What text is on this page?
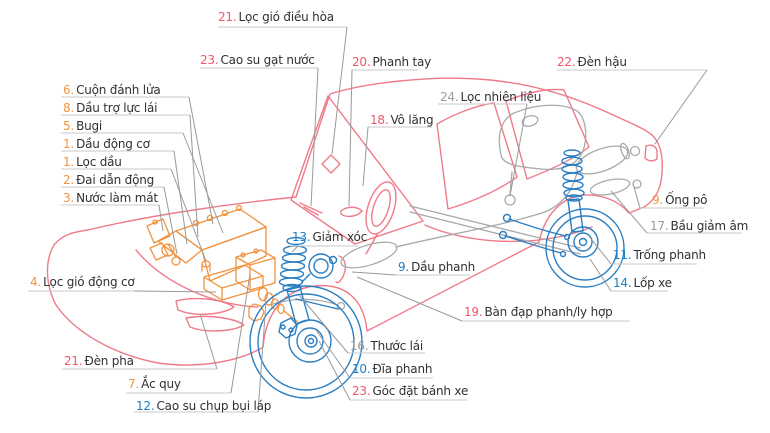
21. Lọc gió điều hòa
23. Cao su gạt nước	20. Phanh tay	22. Đèn hậu
24. Lọc nhiên liệu
18. Vô lăng
6. Cuộn đánh lửa
8. Dầu trợ lực lái
5. Bugi
1. Dầu động cơ
1. Lọc dầu
2. Đai dẫn động
3. Nước làm mát
4. Lọc gió động cơ
21. Đèn pha
7. Ắc quy
12. Cao su chụp bụi láp
13. Giảm xóc
9. Dầu phanh
19. Bàn đạp phanh/ly hợp
16. Thước lái
10. Đĩa phanh
23. Góc đặt bánh xe
9. Ống pô
17. Bầu giảm âm
11. Trống phanh
14. Lốp xe
